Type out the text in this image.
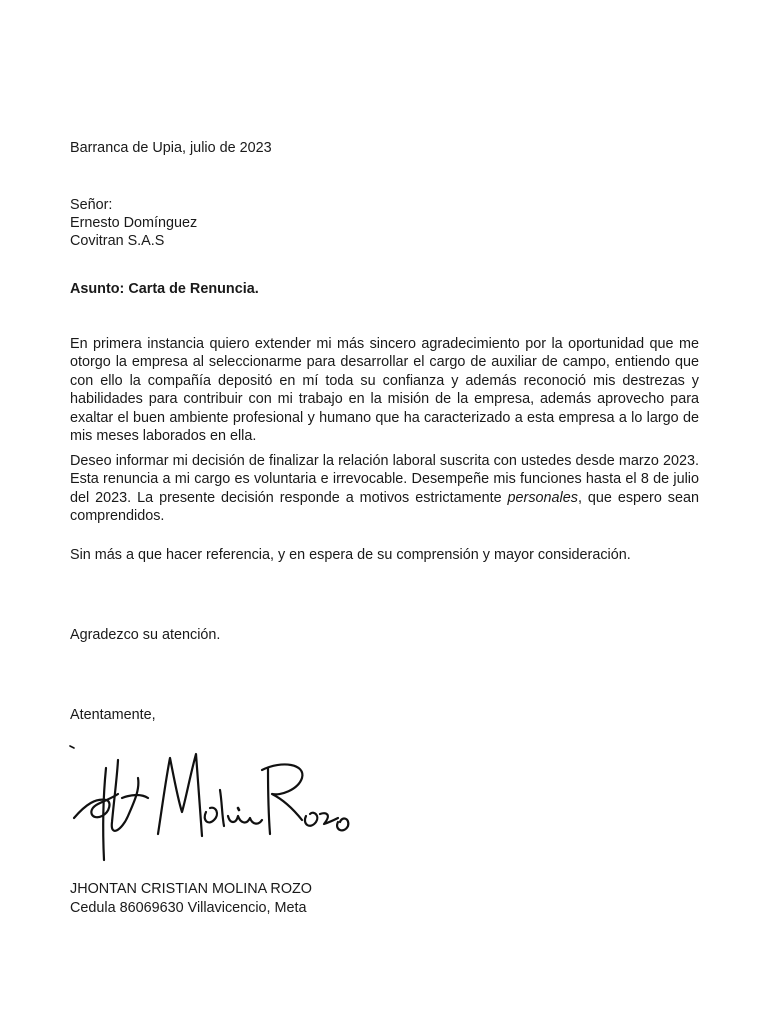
Barranca de Upia, julio de 2023
Señor:
Ernesto Domínguez
Covitran S.A.S
Asunto: Carta de Renuncia.
En primera instancia quiero extender mi más sincero agradecimiento por la oportunidad que me otorgo la empresa al seleccionarme para desarrollar el cargo de auxiliar de campo, entiendo que con ello la compañía depositó en mí toda su confianza y además reconoció mis destrezas y habilidades para contribuir con mi trabajo en la misión de la empresa, además aprovecho para exaltar el buen ambiente profesional y humano que ha caracterizado a esta empresa a lo largo de mis meses laborados en ella.
Deseo informar mi decisión de finalizar la relación laboral suscrita con ustedes desde marzo 2023. Esta renuncia a mi cargo es voluntaria e irrevocable. Desempeñe mis funciones hasta el 8 de julio del 2023. La presente decisión responde a motivos estrictamente personales, que espero sean comprendidos.
Sin más a que hacer referencia, y en espera de su comprensión y mayor consideración.
Agradezco su atención.
Atentamente,
JHONTAN CRISTIAN MOLINA ROZO
Cedula 86069630 Villavicencio, Meta
